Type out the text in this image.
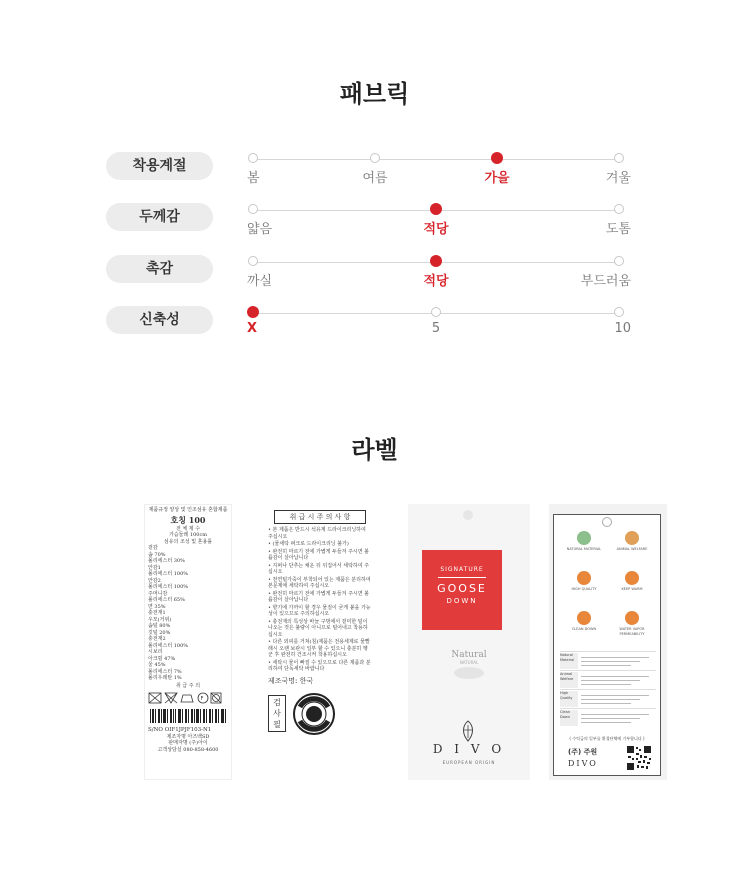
패브릭
착용계절
봄	여름	가을	겨울
두께감
얇음	적당	도톰
촉감
까실	적당	부드러움
신축성
X	5	10
라벨
제품규정 양상 및 인조섬유 혼합제품
호칭 100
전 체 제 수
가슴둘레 100cm
섬유의 조성 및 혼용률
겉감
솜 70%
폴리에스터 30%
안감1
폴리에스터 100%
안감2
폴리에스터 100%
주머니감
폴리에스터 65%
면 35%
충전재1
우모(거위)
솜털 80%
깃털 20%
충전재2
폴리에스터 100%
시보리
아크릴 47%
울 45%
폴리에스터 7%
폴리우레탄 1%
취 급 주 의
F

S/NO OIF1JPJF103-N1
제조자명 아즈백SD
판매자명 (주)아이
고객상담실 080-858-4600
취 급 시 주 의 사 항
• 본 제품은 반드시 석유계 드라이크리닝하여 주십시오
• (물세탁 퍼크로 드라이크리닝 불가)
• 완전히 마르기 전에 가볍게 두들겨 주시면 볼륨감이 살아납니다
• 지퍼나 단추는 채운 뒤 뒤집어서 세탁하여 주십시오
• 천연털가죽이 부착되어 있는 제품은 분리하여 본문제에 세탁하여 주십시오
• 완전히 마르기 전에 가볍게 두들겨 주시면 볼륨감이 살아납니다
• 향기에 가까이 할 경우 물질이 굳게 붙을 가능성이 있으므로 주의하십시오
• 충전재의 특성상 바늘 구멍에서 겉미한 털이 나오는 것은 불량이 아니므로 털어내고 착용하십시오
• 다른 외피를 거쳐(침)제품은 전용세제로 물빨래시 오랜 보관시 일부 할 수 있으니 충분히 헹군 후 완전히 건조시켜 착용하십시오
• 세탁시 물이 빠질 수 있으므로 다른 제품과 분리하여 단독세탁 바랍니다
제조국명: 한국
검
사
필
SIGNATURE
GOOSE
DOWN
Natural
NATURAL
D I V O
EUROPEAN ORIGIN
NATURAL MATERIAL	ANIMAL WELFARE
HIGH QUALITY	KEEP WARM
CLEAN DOWN	WATER VAPOR PERMEABILITY
Natural Material
Animal Welfare
High Quality
Clean Down
( 수익금의 일부를 환경단체에 기부합니다 )
(주) 주원
DIVO
